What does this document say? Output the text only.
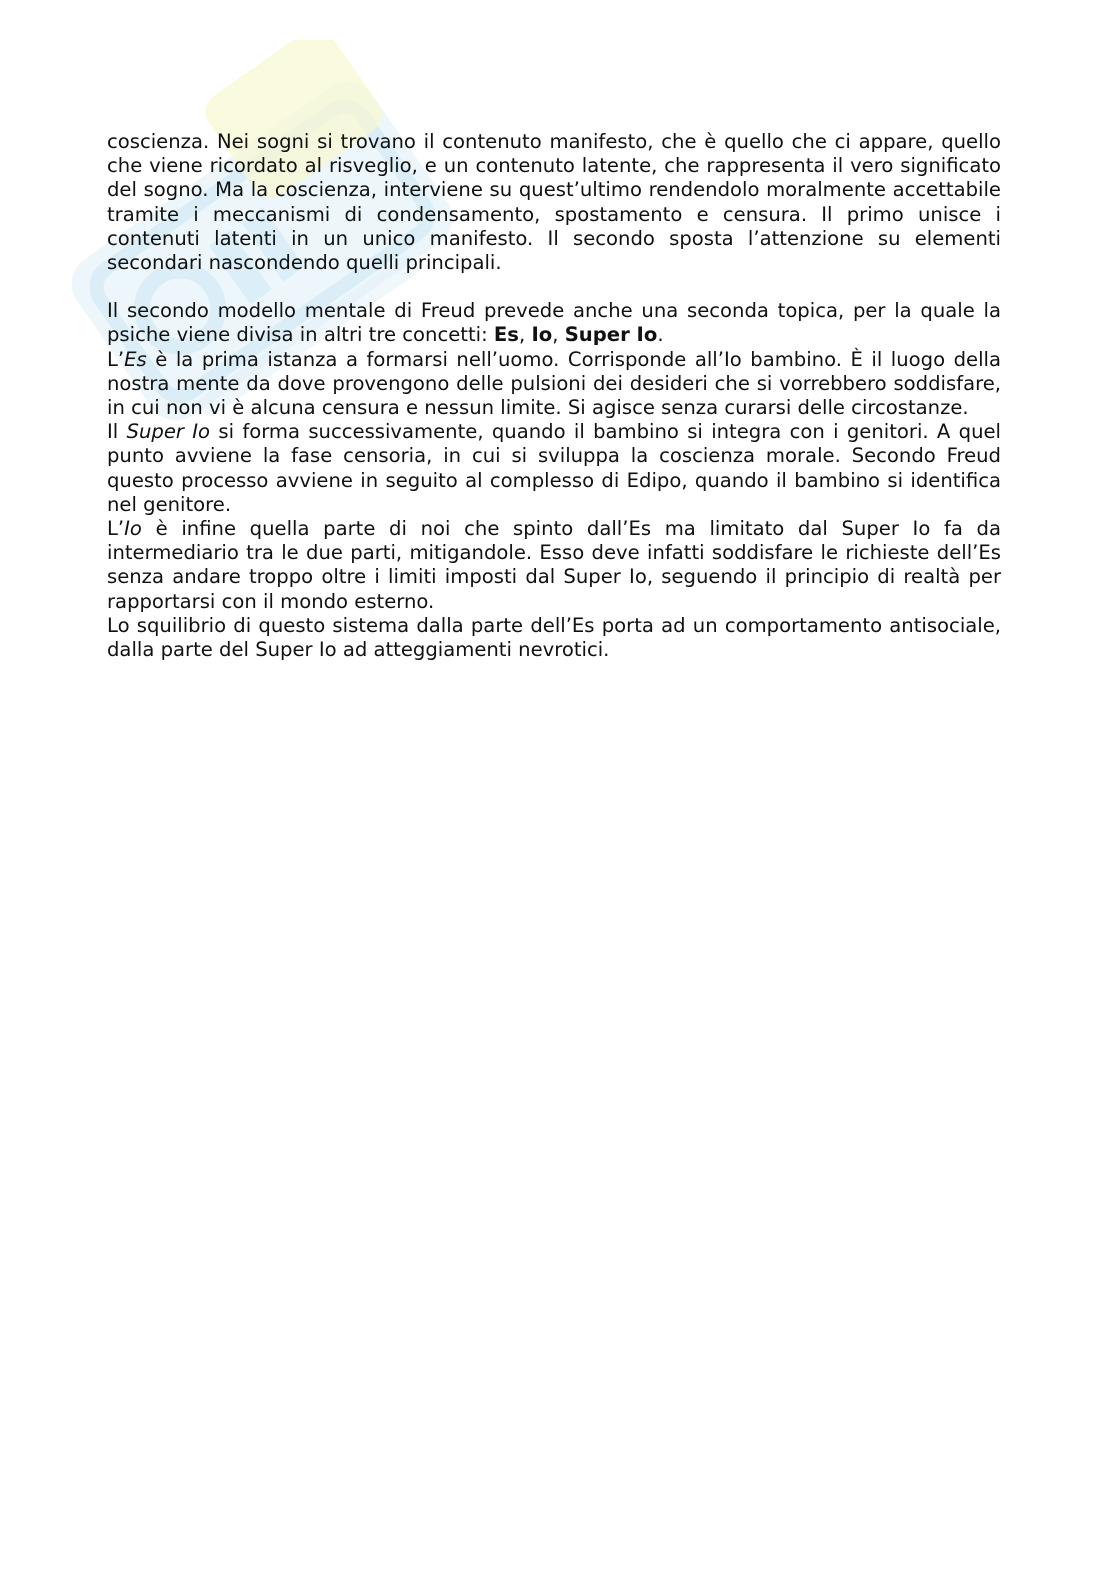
coscienza. Nei sogni si trovano il contenuto manifesto, che è quello che ci appare, quello che viene ricordato al risveglio, e un contenuto latente, che rappresenta il vero significato del sogno. Ma la coscienza, interviene su quest’ultimo rendendolo moralmente accettabile tramite i meccanismi di condensamento, spostamento e censura. Il primo unisce i contenuti latenti in un unico manifesto. Il secondo sposta l’attenzione su elementi secondari nascondendo quelli principali.

Il secondo modello mentale di Freud prevede anche una seconda topica, per la quale la psiche viene divisa in altri tre concetti: Es, Io, Super Io.

L’Es è la prima istanza a formarsi nell’uomo. Corrisponde all’Io bambino. È il luogo della nostra mente da dove provengono delle pulsioni dei desideri che si vorrebbero soddisfare, in cui non vi è alcuna censura e nessun limite. Si agisce senza curarsi delle circostanze.

Il Super Io si forma successivamente, quando il bambino si integra con i genitori. A quel punto avviene la fase censoria, in cui si sviluppa la coscienza morale. Secondo Freud questo processo avviene in seguito al complesso di Edipo, quando il bambino si identifica nel genitore.

L’Io è infine quella parte di noi che spinto dall’Es ma limitato dal Super Io fa da intermediario tra le due parti, mitigandole. Esso deve infatti soddisfare le richieste dell’Es senza andare troppo oltre i limiti imposti dal Super Io, seguendo il principio di realtà per rapportarsi con il mondo esterno.

Lo squilibrio di questo sistema dalla parte dell’Es porta ad un comportamento antisociale, dalla parte del Super Io ad atteggiamenti nevrotici.
